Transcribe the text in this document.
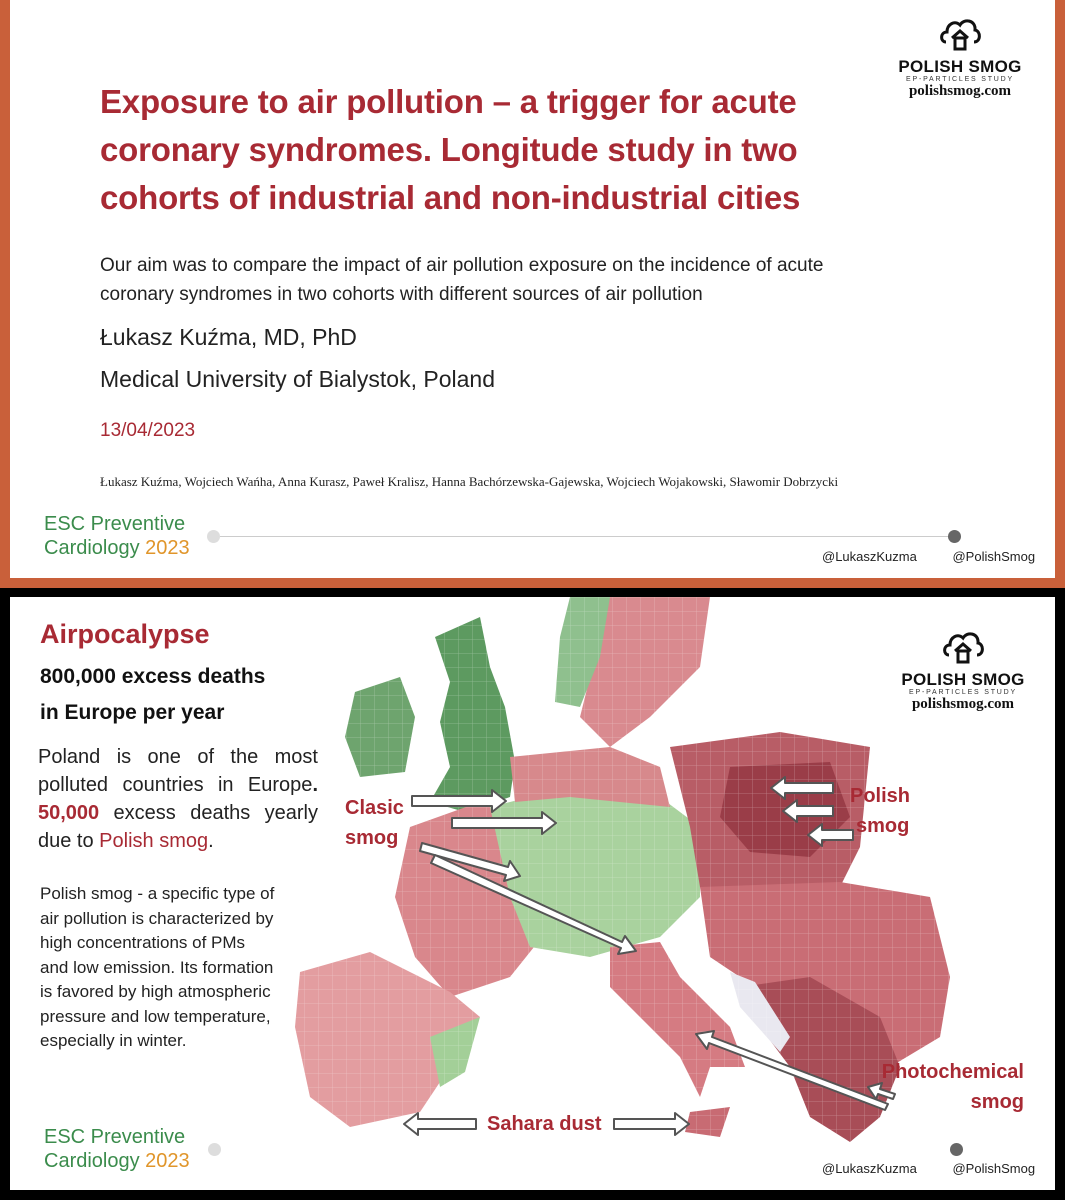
Exposure to air pollution – a trigger for acute coronary syndromes. Longitude study in two cohorts of industrial and non-industrial cities
Our aim was to compare the impact of air pollution exposure on the incidence of acute coronary syndromes in two cohorts with different sources of air pollution
Łukasz Kuźma, MD, PhD
Medical University of Bialystok, Poland
13/04/2023
Łukasz Kuźma, Wojciech Wańha, Anna Kurasz, Paweł Kralisz, Hanna Bachórzewska-Gajewska, Wojciech Wojakowski, Sławomir Dobrzycki
POLISH SMOG
EP-PARTICLES STUDY
polishsmog.com
ESC Preventive
Cardiology 2023	@LukaszKuzma	@PolishSmog
Clasic
smog
Polish
smog
Photochemical
smog
Sahara dust
Airpocalypse
800,000 excess deaths
in Europe per year
Poland is one of the most polluted countries in Europe. 50,000 excess deaths yearly due to Polish smog.
Polish smog - a specific type of air pollution is characterized by high concentrations of PMs and low emission. Its formation is favored by high atmospheric pressure and low temperature, especially in winter.
POLISH SMOG
EP-PARTICLES STUDY
polishsmog.com
ESC Preventive
Cardiology 2023	@LukaszKuzma	@PolishSmog
